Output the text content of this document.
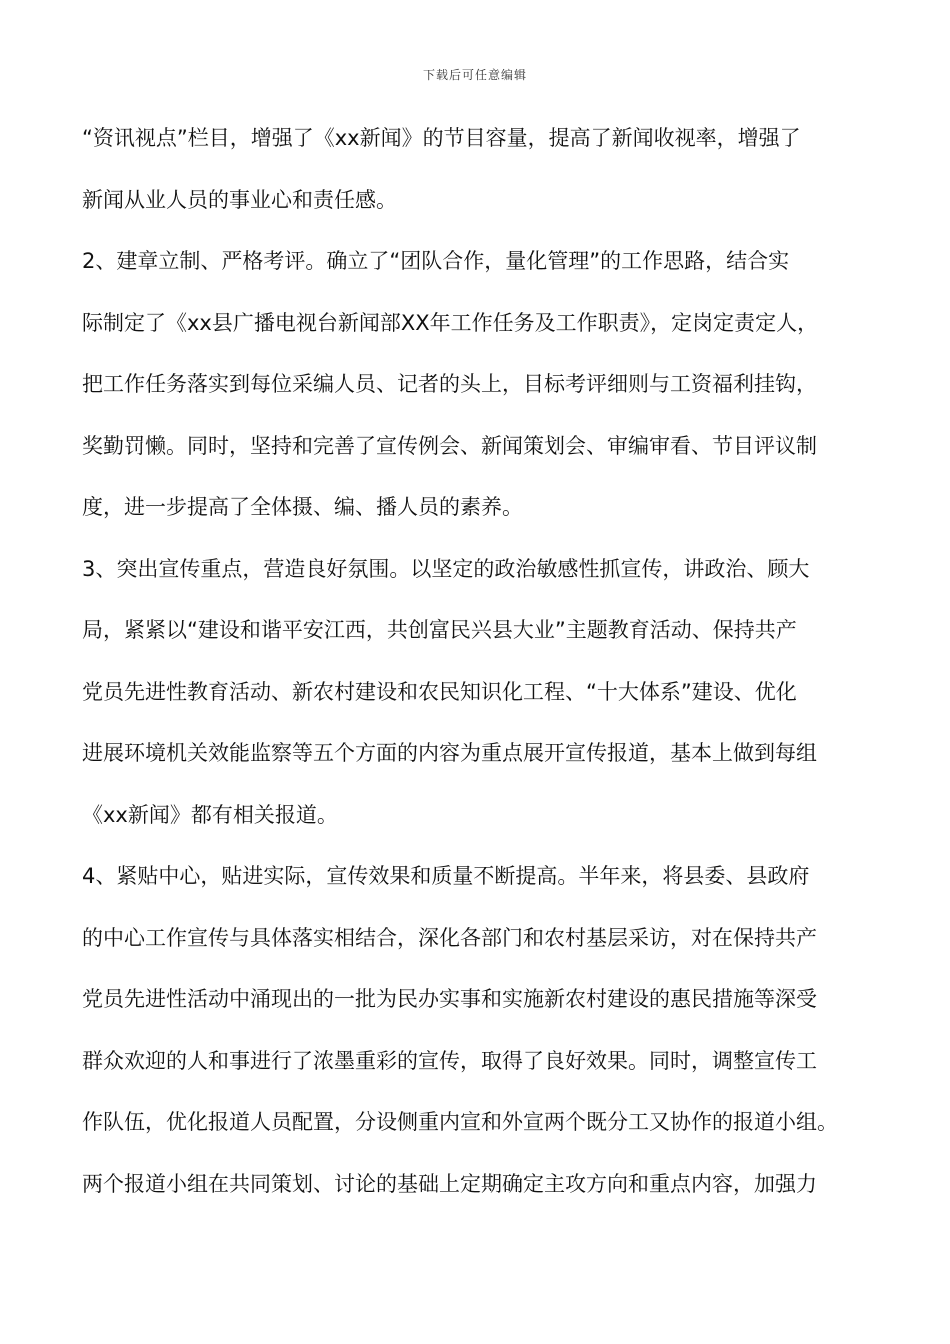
下载后可任意编辑
“资讯视点”栏目，增强了《xx新闻》的节目容量，提高了新闻收视率，增强了
新闻从业人员的事业心和责任感。
2、建章立制、严格考评。确立了“团队合作，量化管理”的工作思路，结合实
际制定了《xx县广播电视台新闻部XX年工作任务及工作职责》，定岗定责定人，
把工作任务落实到每位采编人员、记者的头上，目标考评细则与工资福利挂钩，
奖勤罚懒。同时，坚持和完善了宣传例会、新闻策划会、审编审看、节目评议制
度，进一步提高了全体摄、编、播人员的素养。
3、突出宣传重点，营造良好氛围。以坚定的政治敏感性抓宣传，讲政治、顾大
局，紧紧以“建设和谐平安江西，共创富民兴县大业”主题教育活动、保持共产
党员先进性教育活动、新农村建设和农民知识化工程、“十大体系”建设、优化
进展环境机关效能监察等五个方面的内容为重点展开宣传报道，基本上做到每组
《xx新闻》都有相关报道。
4、紧贴中心，贴进实际，宣传效果和质量不断提高。半年来，将县委、县政府
的中心工作宣传与具体落实相结合，深化各部门和农村基层采访，对在保持共产
党员先进性活动中涌现出的一批为民办实事和实施新农村建设的惠民措施等深受
群众欢迎的人和事进行了浓墨重彩的宣传，取得了良好效果。同时，调整宣传工
作队伍，优化报道人员配置，分设侧重内宣和外宣两个既分工又协作的报道小组。
两个报道小组在共同策划、讨论的基础上定期确定主攻方向和重点内容，加强力
